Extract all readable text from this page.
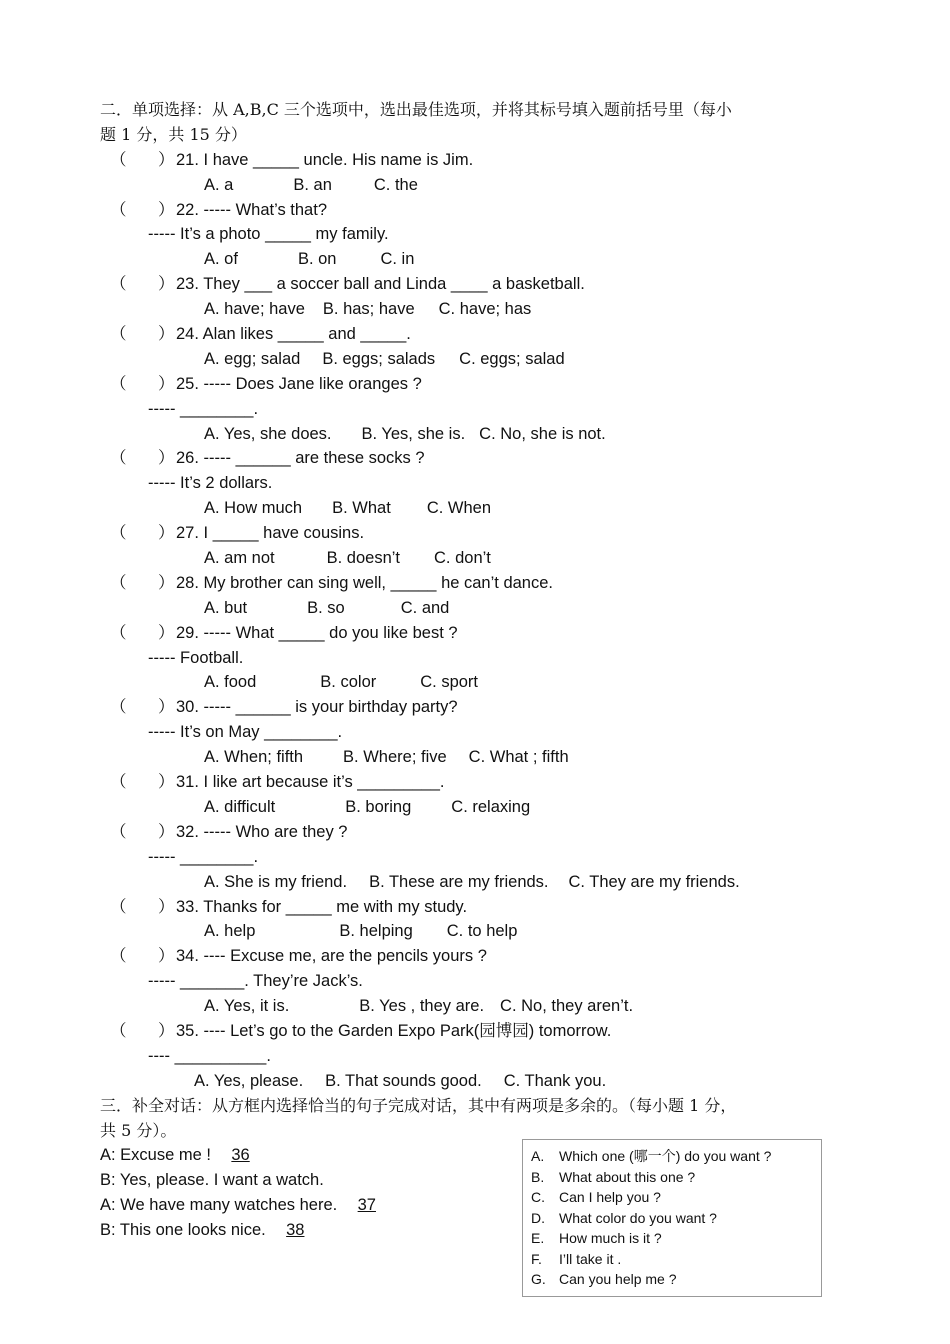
二．单项选择：从 A,B,C 三个选项中，选出最佳选项，并将其标号填入题前括号里（每小
题 1 分，共 15 分）
（ ） 21. I have _____ uncle. His name is Jim.
A. a	B. an	C. the
（ ） 22. ----- What’s that?
----- It’s a photo _____ my family.
A. of	B. on	C. in
（ ） 23. They ___ a soccer ball and Linda ____ a basketball.
A. have; have B. has; have C. have; has
（ ） 24. Alan likes _____ and _____.
A. egg; salad B. eggs; salads C. eggs; salad
（ ） 25. ----- Does Jane like oranges ?
----- ________.
A. Yes, she does. B. Yes, she is. C. No, she is not.
（ ） 26. ----- ______ are these socks ?
----- It’s 2 dollars.
A. How much B. What C. When
（ ） 27. I _____ have cousins.
A. am not	B. doesn’t C. don’t
（ ） 28. My brother can sing well, _____ he can’t dance.
A. but	B. so	C. and
（ ） 29. ----- What _____ do you like best ?
----- Football.
A. food	B. color	C. sport
（ ） 30. ----- ______ is your birthday party?
----- It’s on May ________.
A. When; fifth B. Where; five C. What ; fifth
（ ） 31. I like art because it’s _________.
A. difficult	B. boring C. relaxing
（ ） 32. ----- Who are they ?
----- ________.
A. She is my friend. B. These are my friends. C. They are my friends.
（ ） 33. Thanks for _____ me with my study.
A. help	B. helping C. to help
（ ） 34. ---- Excuse me, are the pencils yours ?
----- _______. They’re Jack’s.
A. Yes, it is.	B. Yes , they are. C. No, they aren’t.
（ ） 35. ---- Let’s go to the Garden Expo Park(园博园) tomorrow.
---- __________.
A. Yes, please. B. That sounds good. C. Thank you.
三．补全对话：从方框内选择恰当的句子完成对话，其中有两项是多余的。（每小题 1 分，
共 5 分）。
A: Excuse me ! 36
B: Yes, please. I want a watch.
A: We have many watches here. 37
B: This one looks nice. 38
A. Which one (哪一个) do you want ?
B. What about this one ?
C. Can I help you ?
D. What color do you want ?
E. How much is it ?
F. I’ll take it .
G. Can you help me ?
